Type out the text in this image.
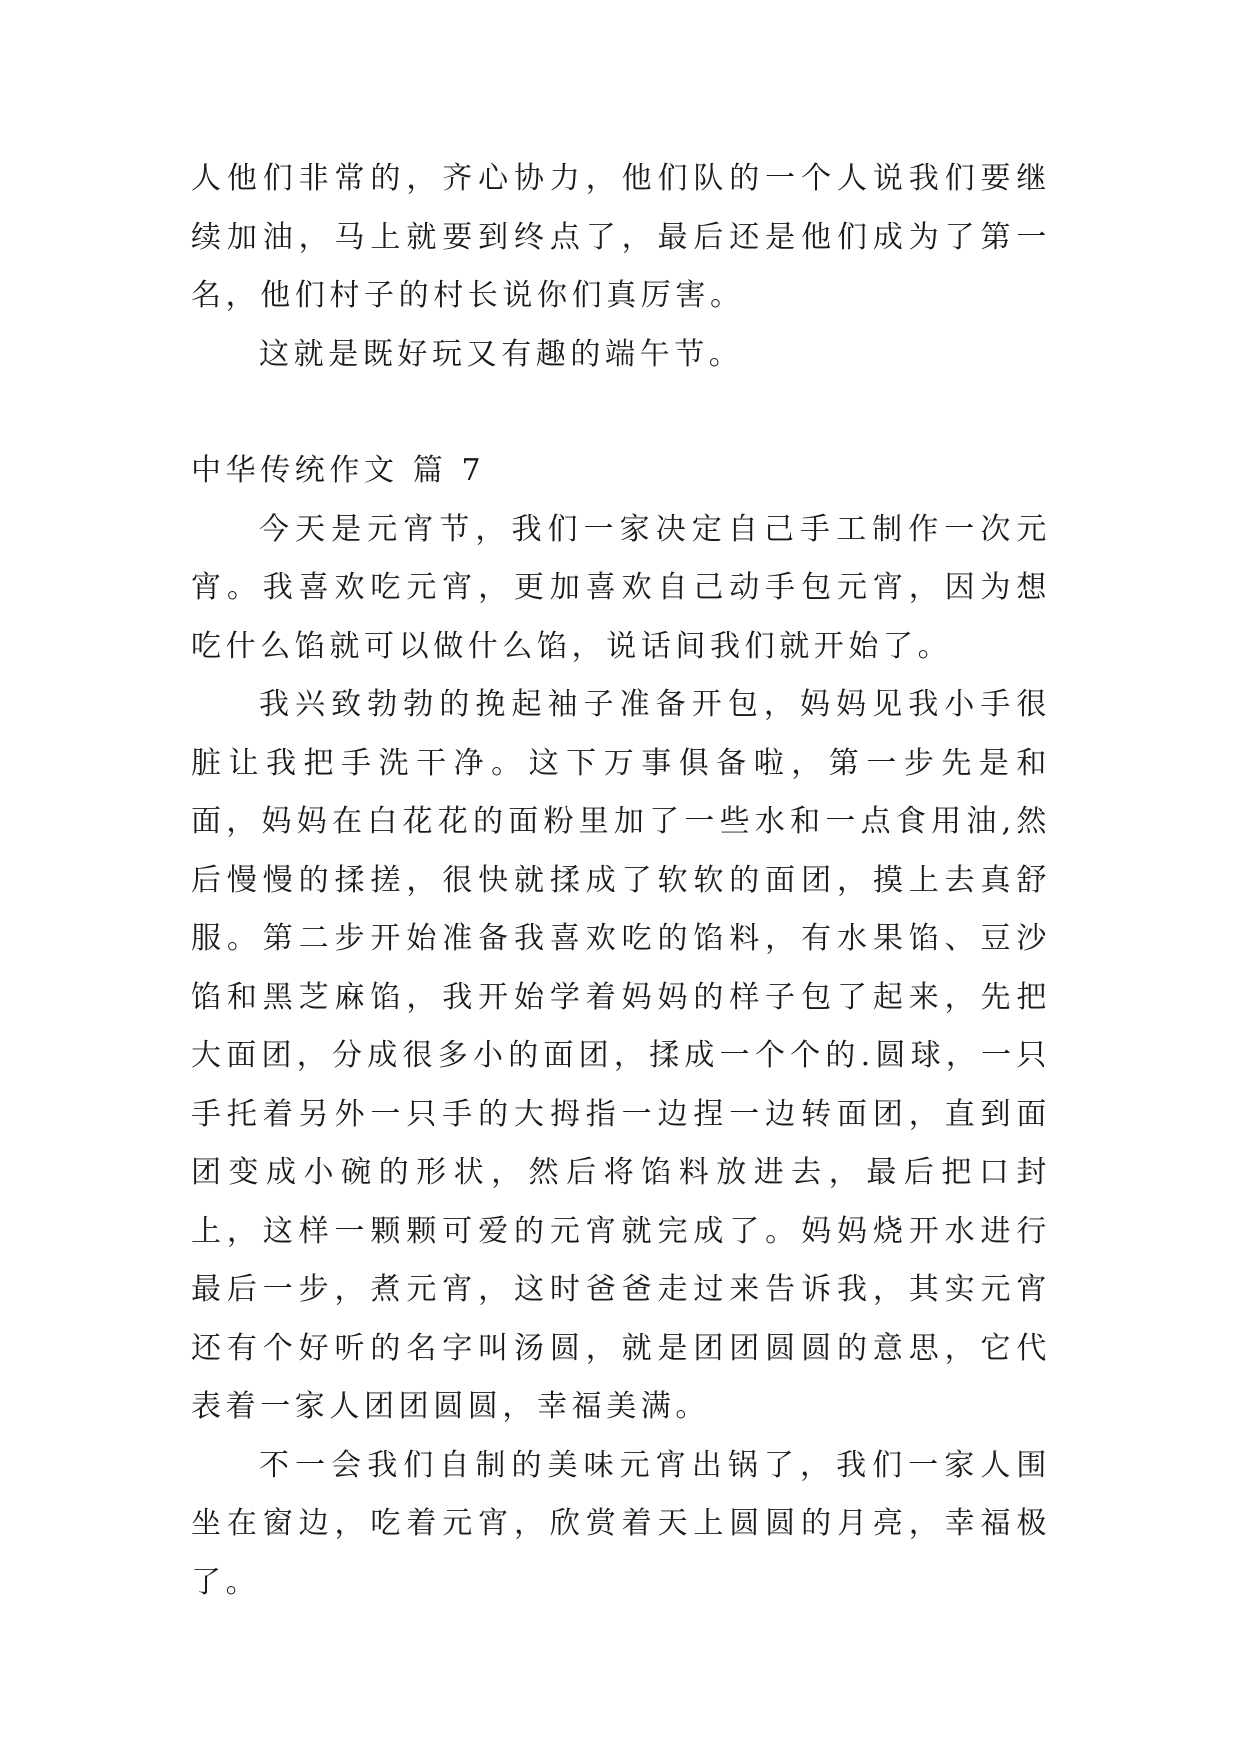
人他们非常的，齐心协力，他们队的一个人说我们要继续加油，马上就要到终点了，最后还是他们成为了第一名，他们村子的村长说你们真厉害。

这就是既好玩又有趣的端午节。

中华传统作文 篇 7

今天是元宵节，我们一家决定自己手工制作一次元宵。我喜欢吃元宵，更加喜欢自己动手包元宵，因为想吃什么馅就可以做什么馅，说话间我们就开始了。

我兴致勃勃的挽起袖子准备开包，妈妈见我小手很脏让我把手洗干净。这下万事俱备啦，第一步先是和面，妈妈在白花花的面粉里加了一些水和一点食用油,然后慢慢的揉搓，很快就揉成了软软的面团，摸上去真舒服。第二步开始准备我喜欢吃的馅料，有水果馅、豆沙馅和黑芝麻馅，我开始学着妈妈的样子包了起来，先把大面团，分成很多小的面团，揉成一个个的.圆球，一只手托着另外一只手的大拇指一边捏一边转面团，直到面团变成小碗的形状，然后将馅料放进去，最后把口封上，这样一颗颗可爱的元宵就完成了。妈妈烧开水进行最后一步，煮元宵，这时爸爸走过来告诉我，其实元宵还有个好听的名字叫汤圆，就是团团圆圆的意思，它代表着一家人团团圆圆，幸福美满。

不一会我们自制的美味元宵出锅了，我们一家人围坐在窗边，吃着元宵，欣赏着天上圆圆的月亮，幸福极了。
